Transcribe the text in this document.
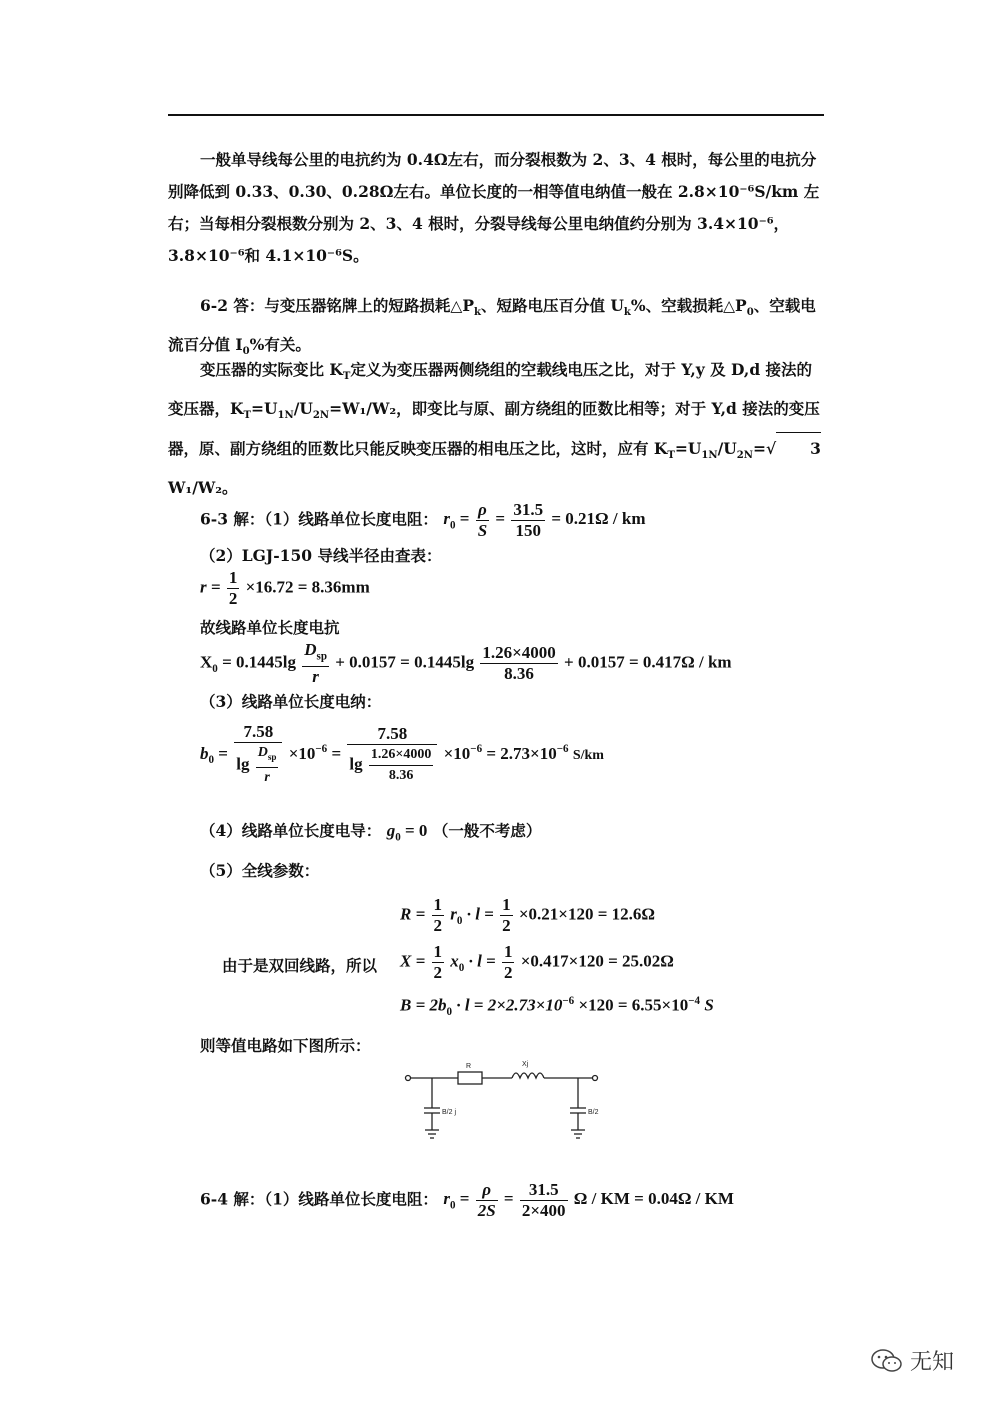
一般单导线每公里的电抗约为 0.4Ω左右，而分裂根数为 2、3、4 根时，每公里的电抗分别降低到 0.33、0.30、0.28Ω左右。单位长度的一相等值电纳值一般在 2.8×10⁻⁶S/km 左右；当每相分裂根数分别为 2、3、4 根时，分裂导线每公里电纳值约分别为 3.4×10⁻⁶，3.8×10⁻⁶和 4.1×10⁻⁶S。
6-2 答：与变压器铭牌上的短路损耗$\triangle P_k$、短路电压百分值 $U_k\%$、空载损耗$\triangle P_0$、空载电流百分值 $I_0\%$有关。
变压器的实际变比 $K_T$定义为变压器两侧绕组的空载线电压之比，对于 Y,y 及 D,d 接法的变压器，$K_T=U_{1N}/U_{2N}=W_1/W_2$，即变比与原、副方绕组的匝数比相等；对于 Y,d 接法的变压器，原、副方绕组的匝数比只能反映变压器的相电压之比，这时，应有 $K_T=U_{1N}/U_{2N}=√$ 3 W₁/W₂。
6-3 解：（1）线路单位长度电阻： $r_0 = \frac{\rho}{S} = \frac{31.5}{150} = 0.21\Omega$ / km
（2）LGJ-150 导线半径由查表：
$r = \frac{1}{2} \times 16.72 = 8.36mm$
故线路单位长度电抗
$X_0 = 0.1445\lg \frac{D_{sp}}{r} + 0.0157 = 0.1445\lg \frac{1.26\times 4000}{8.36} + 0.0157 = 0.417\Omega$ / km
（3）线路单位长度电纳：
$b_0 = \frac{7.58}{\lg \frac{D_{sp}}{r}} \times 10^{-6} = \frac{7.58}{\lg \frac{1.26\times 4000}{8.36}} \times 10^{-6} = 2.73\times 10^{-6}$ S/km
（4）线路单位长度电导： $g_0 = 0$ （一般不考虑）
（5）全线参数：
$R = \frac{1}{2} r_0 \cdot l = \frac{1}{2} \times 0.21\times 120 = 12.6\Omega$
由于是双回线路，所以 $X = \frac{1}{2} x_0 \cdot l = \frac{1}{2} \times 0.417\times 120 = 25.02\Omega$
$B = 2b_0 \cdot l = 2\times 2.73\times 10^{-6} \times 120 = 6.55\times 10^{-4}$ S
则等值电路如下图所示：
R	Xj
B/2 j	B/2
6-4 解：（1）线路单位长度电阻： $r_0 = \frac{\rho}{2S} = \frac{31.5}{2\times 400}$ Ω / KM = 0.04Ω / KM
无知
